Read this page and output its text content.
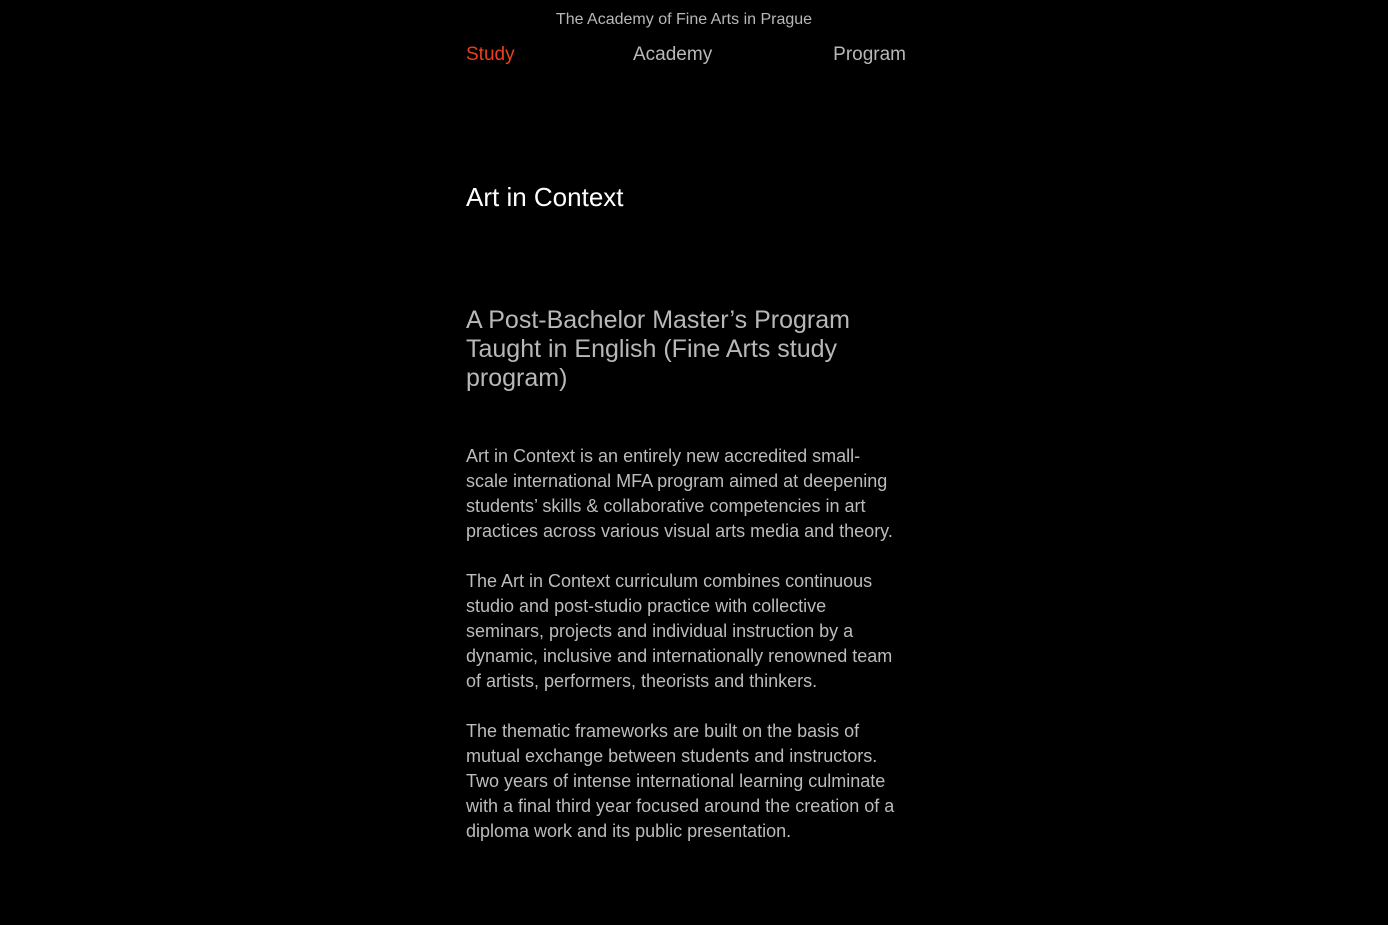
The Academy of Fine Arts in Prague
Study	Academy	Program
Art in Context
A Post-Bachelor Master’s Program Taught in English (Fine Arts study program)

Art in Context is an entirely new accredited small-scale international MFA program aimed at deepening students’ skills & collaborative competencies in art practices across various visual arts media and theory.

The Art in Context curriculum combines continuous studio and post-studio practice with collective seminars, projects and individual instruction by a dynamic, inclusive and internationally renowned team of artists, performers, theorists and thinkers.

The thematic frameworks are built on the basis of mutual exchange between students and instructors. Two years of intense international learning culminate with a final third year focused around the creation of a diploma work and its public presentation.
